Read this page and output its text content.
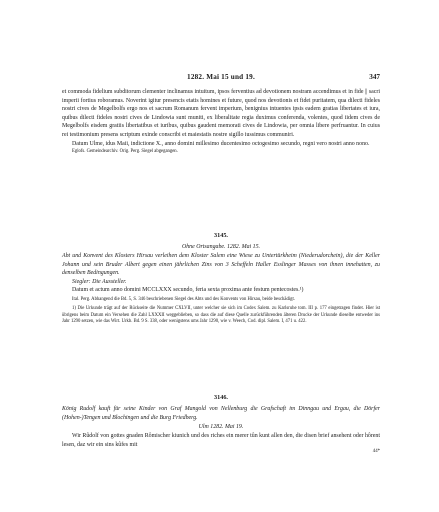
1282. Mai 15 und 19.	347

et commoda fidelium subditorum clementer inclinamus intuitum, ipsos ferventius ad devotionem nostram accendimus et in fide || sacri imperii fortius roboramus. Noverint igitur presencis etatis homines et future, quod nos devotionis et fidei puritatem, qua dilecti fideles nostri cives de Megelbolfs ergo nos et sacrum Romanum fervent imperium, benignius intuentes ipsis eadem gratias libertates et iura, quibus dilecti fideles nostri cives de Lindowia sunt muniti, ex liberalitate regia duximus conferenda, volentes, quod iidem cives de Megelbolfs eisdem gratiis libertatibus et iuribus, quibus gaudent memorati cives de Lindowia, per omnia libere perfruantur. In cuius rei testimonium presens scriptum exinde conscribi et maiestatis nostre sigillo iussimus communiri.

Datum Ulme, idus Maii, indictione X., anno domini millesimo ducentesimo octogesimo secundo, regni vero nostri anno nono.

Eglofs. Gemeindearchiv. Orig. Perg. Siegel abgegangen.

3145.
Ohne Ortsangabe. 1282. Mai 15.

Abt und Konvent des Klosters Hirsau verleihen dem Kloster Salem eine Wiese zu Untertürkheim (Niederudorchein), die der Keller Johann und sein Bruder Albert gegen einen jährlichen Zins von 3 Scheffeln Haller Esslinger Masses von ihnen innehatten, zu denselben Bedingungen.

Siegler: Die Aussteller.

Datum et actum anno domini MCCLXXX secundo, feria sexta proxima ante festum pentecostes.¹)

Ital. Perg. Abhangend die Bd. 5, S. 346 beschriebenen Siegel des Abts und des Konvents von Hirsau, beide beschädigt.

1) Die Urkunde trägt auf der Rückseite die Nummer CXLVII, unter welcher sie sich im Codex Salem. zu Karlsruhe tom. III p. 177 eingetragen findet. Hier ist übrigens beim Datum ein Versehen die Zahl LXXXII weggeblieben, so dass die auf diese Quelle zurückführenden älteren Drucke der Urkunde dieselbe entweder ins Jahr 1290 setzen, wie das Wirt. Urkb. Bd. 9 S. 338, oder wenigstens ums Jahr 1290, wie v. Weech, Cod. dipl. Salem. I, 471 u. 422.

3146.

König Rudolf kauft für seine Kinder von Graf Mangold von Nellenburg die Grafschaft im Dinngau und Ergau, die Dörfer (Hohen-)Tengen und Blochingen und die Burg Friedberg.

Ulm 1282. Mai 19.

Wir Rûdolf von gottes gnaden Rômischer kiunich und des riches ein merer tûn kunt allen den, die disen brief ansehent oder hôrent lesen, daz wir ein sins kûfes mit

44*
